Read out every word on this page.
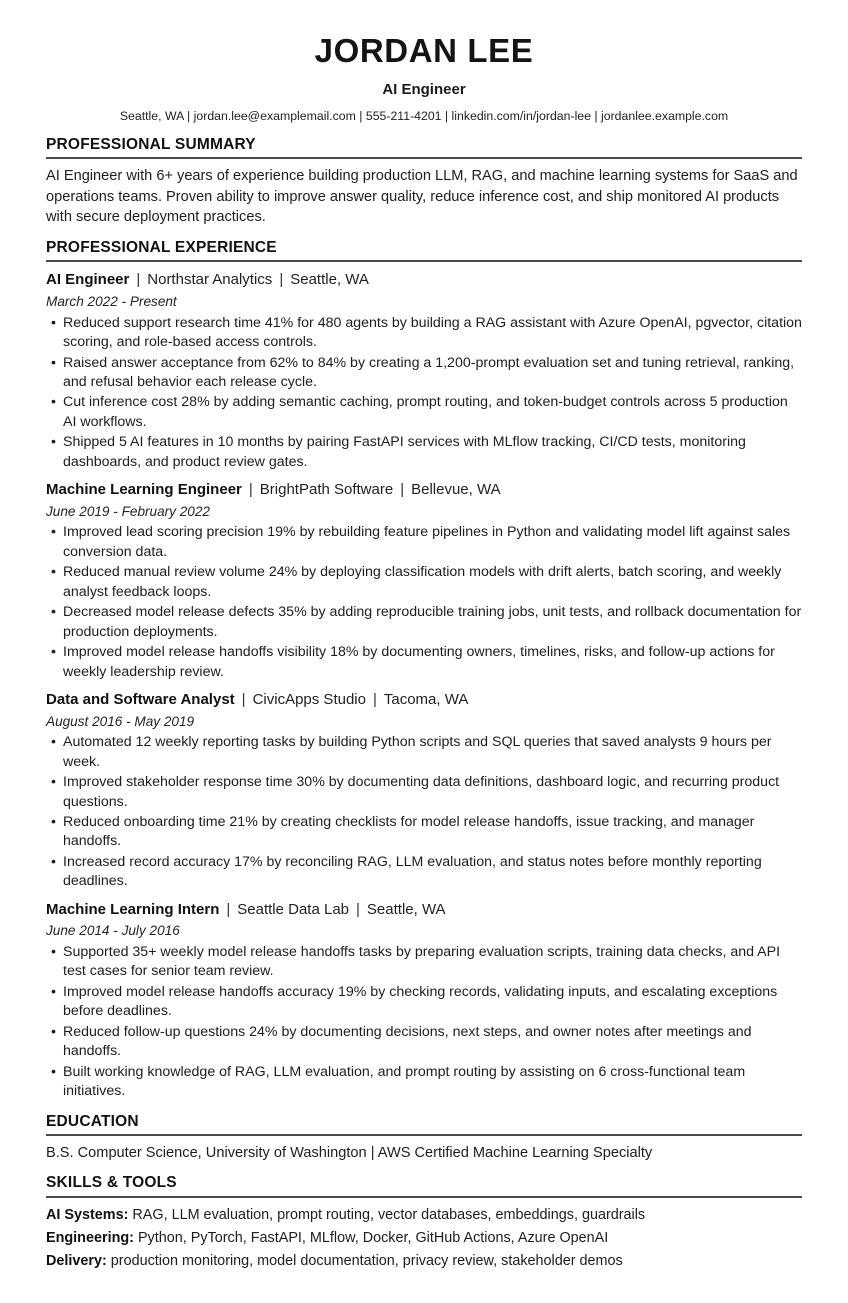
JORDAN LEE
AI Engineer
Seattle, WA | jordan.lee@examplemail.com | 555-211-4201 | linkedin.com/in/jordan-lee | jordanlee.example.com
PROFESSIONAL SUMMARY

AI Engineer with 6+ years of experience building production LLM, RAG, and machine learning systems for SaaS and operations teams. Proven ability to improve answer quality, reduce inference cost, and ship monitored AI products with secure deployment practices.

PROFESSIONAL EXPERIENCE
AI Engineer | Northstar Analytics | Seattle, WA
March 2022 - Present
• Reduced support research time 41% for 480 agents by building a RAG assistant with Azure OpenAI, pgvector, citation scoring, and role-based access controls.
• Raised answer acceptance from 62% to 84% by creating a 1,200-prompt evaluation set and tuning retrieval, ranking, and refusal behavior each release cycle.
• Cut inference cost 28% by adding semantic caching, prompt routing, and token-budget controls across 5 production AI workflows.
• Shipped 5 AI features in 10 months by pairing FastAPI services with MLflow tracking, CI/CD tests, monitoring dashboards, and product review gates.
Machine Learning Engineer | BrightPath Software | Bellevue, WA
June 2019 - February 2022
• Improved lead scoring precision 19% by rebuilding feature pipelines in Python and validating model lift against sales conversion data.
• Reduced manual review volume 24% by deploying classification models with drift alerts, batch scoring, and weekly analyst feedback loops.
• Decreased model release defects 35% by adding reproducible training jobs, unit tests, and rollback documentation for production deployments.
• Improved model release handoffs visibility 18% by documenting owners, timelines, risks, and follow-up actions for weekly leadership review.
Data and Software Analyst | CivicApps Studio | Tacoma, WA
August 2016 - May 2019
• Automated 12 weekly reporting tasks by building Python scripts and SQL queries that saved analysts 9 hours per week.
• Improved stakeholder response time 30% by documenting data definitions, dashboard logic, and recurring product questions.
• Reduced onboarding time 21% by creating checklists for model release handoffs, issue tracking, and manager handoffs.
• Increased record accuracy 17% by reconciling RAG, LLM evaluation, and status notes before monthly reporting deadlines.
Machine Learning Intern | Seattle Data Lab | Seattle, WA
June 2014 - July 2016
• Supported 35+ weekly model release handoffs tasks by preparing evaluation scripts, training data checks, and API test cases for senior team review.
• Improved model release handoffs accuracy 19% by checking records, validating inputs, and escalating exceptions before deadlines.
• Reduced follow-up questions 24% by documenting decisions, next steps, and owner notes after meetings and handoffs.
• Built working knowledge of RAG, LLM evaluation, and prompt routing by assisting on 6 cross-functional team initiatives.
EDUCATION
B.S. Computer Science, University of Washington | AWS Certified Machine Learning Specialty
SKILLS & TOOLS
AI Systems: RAG, LLM evaluation, prompt routing, vector databases, embeddings, guardrails
Engineering: Python, PyTorch, FastAPI, MLflow, Docker, GitHub Actions, Azure OpenAI
Delivery: production monitoring, model documentation, privacy review, stakeholder demos
